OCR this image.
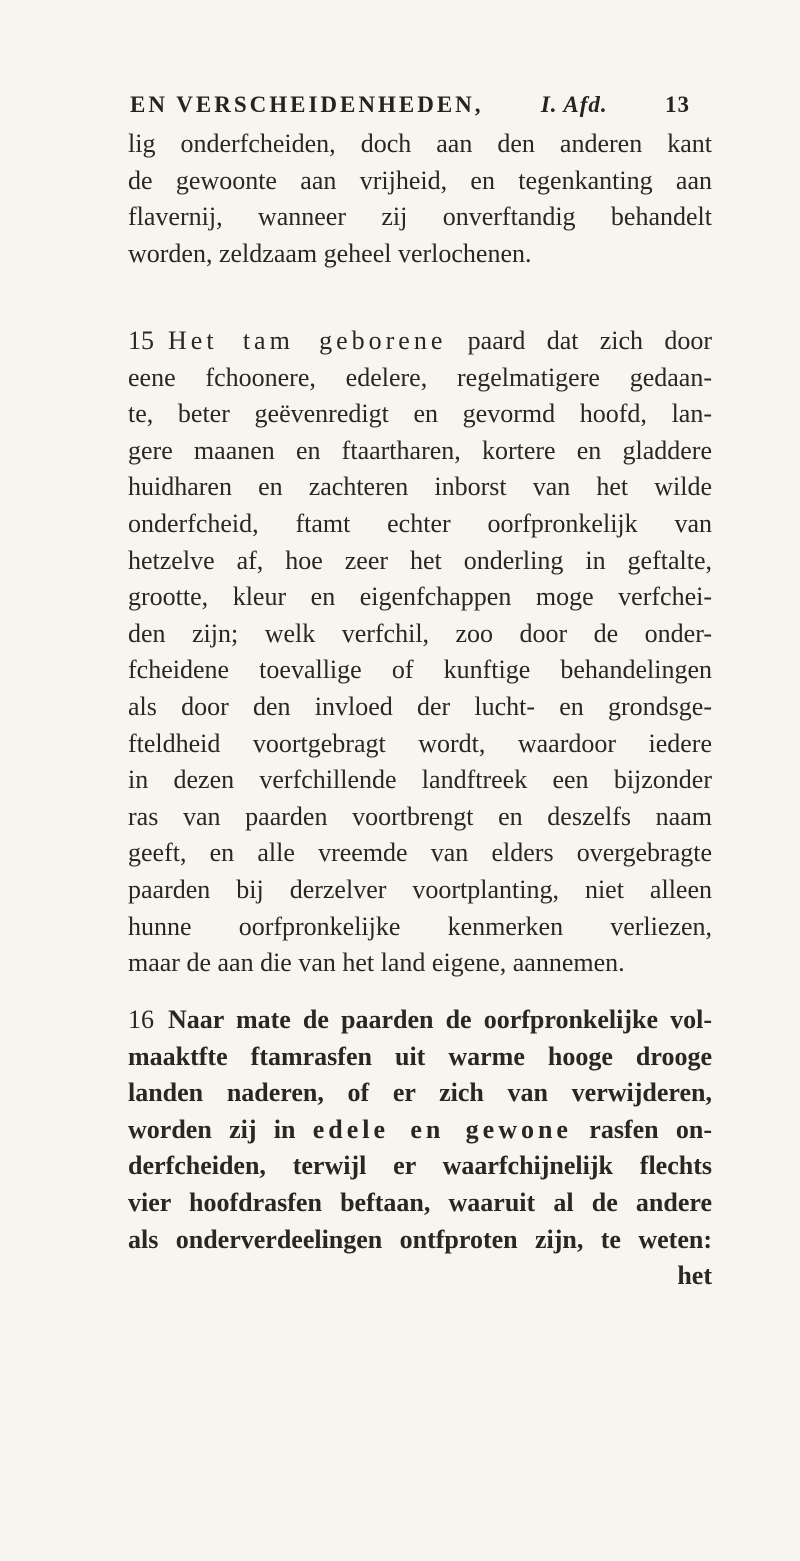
EN VERSCHEIDENHEDEN, I. Afd. 13
lig onderfcheiden, doch aan den anderen kant
de gewoonte aan vrijheid, en tegenkanting aan
flavernij, wanneer zij onverftandig behandelt
worden, zeldzaam geheel verlochenen.
15 Het tam geborene paard dat zich door
eene fchoonere, edelere, regelmatigere gedaan-
te, beter geëvenredigt en gevormd hoofd, lan-
gere maanen en ftaartharen, kortere en gladdere
huidharen en zachteren inborst van het wilde
onderfcheid, ftamt echter oorfpronkelijk van
hetzelve af, hoe zeer het onderling in geftalte,
grootte, kleur en eigenfchappen moge verfchei-
den zijn; welk verfchil, zoo door de onder-
fcheidene toevallige of kunftige behandelingen
als door den invloed der lucht- en grondsge-
fteldheid voortgebragt wordt, waardoor iedere
in dezen verfchillende landftreek een bijzonder
ras van paarden voortbrengt en deszelfs naam
geeft, en alle vreemde van elders overgebragte
paarden bij derzelver voortplanting, niet alleen
hunne oorfpronkelijke kenmerken verliezen,
maar de aan die van het land eigene, aannemen.
16 Naar mate de paarden de oorfpronkelijke vol-
maaktfte ftamrasfen uit warme hooge drooge
landen naderen, of er zich van verwijderen,
worden zij in edele en gewone rasfen on-
derfcheiden, terwijl er waarfchijnelijk flechts
vier hoofdrasfen beftaan, waaruit al de andere
als onderverdeelingen ontfproten zijn, te weten:
het
